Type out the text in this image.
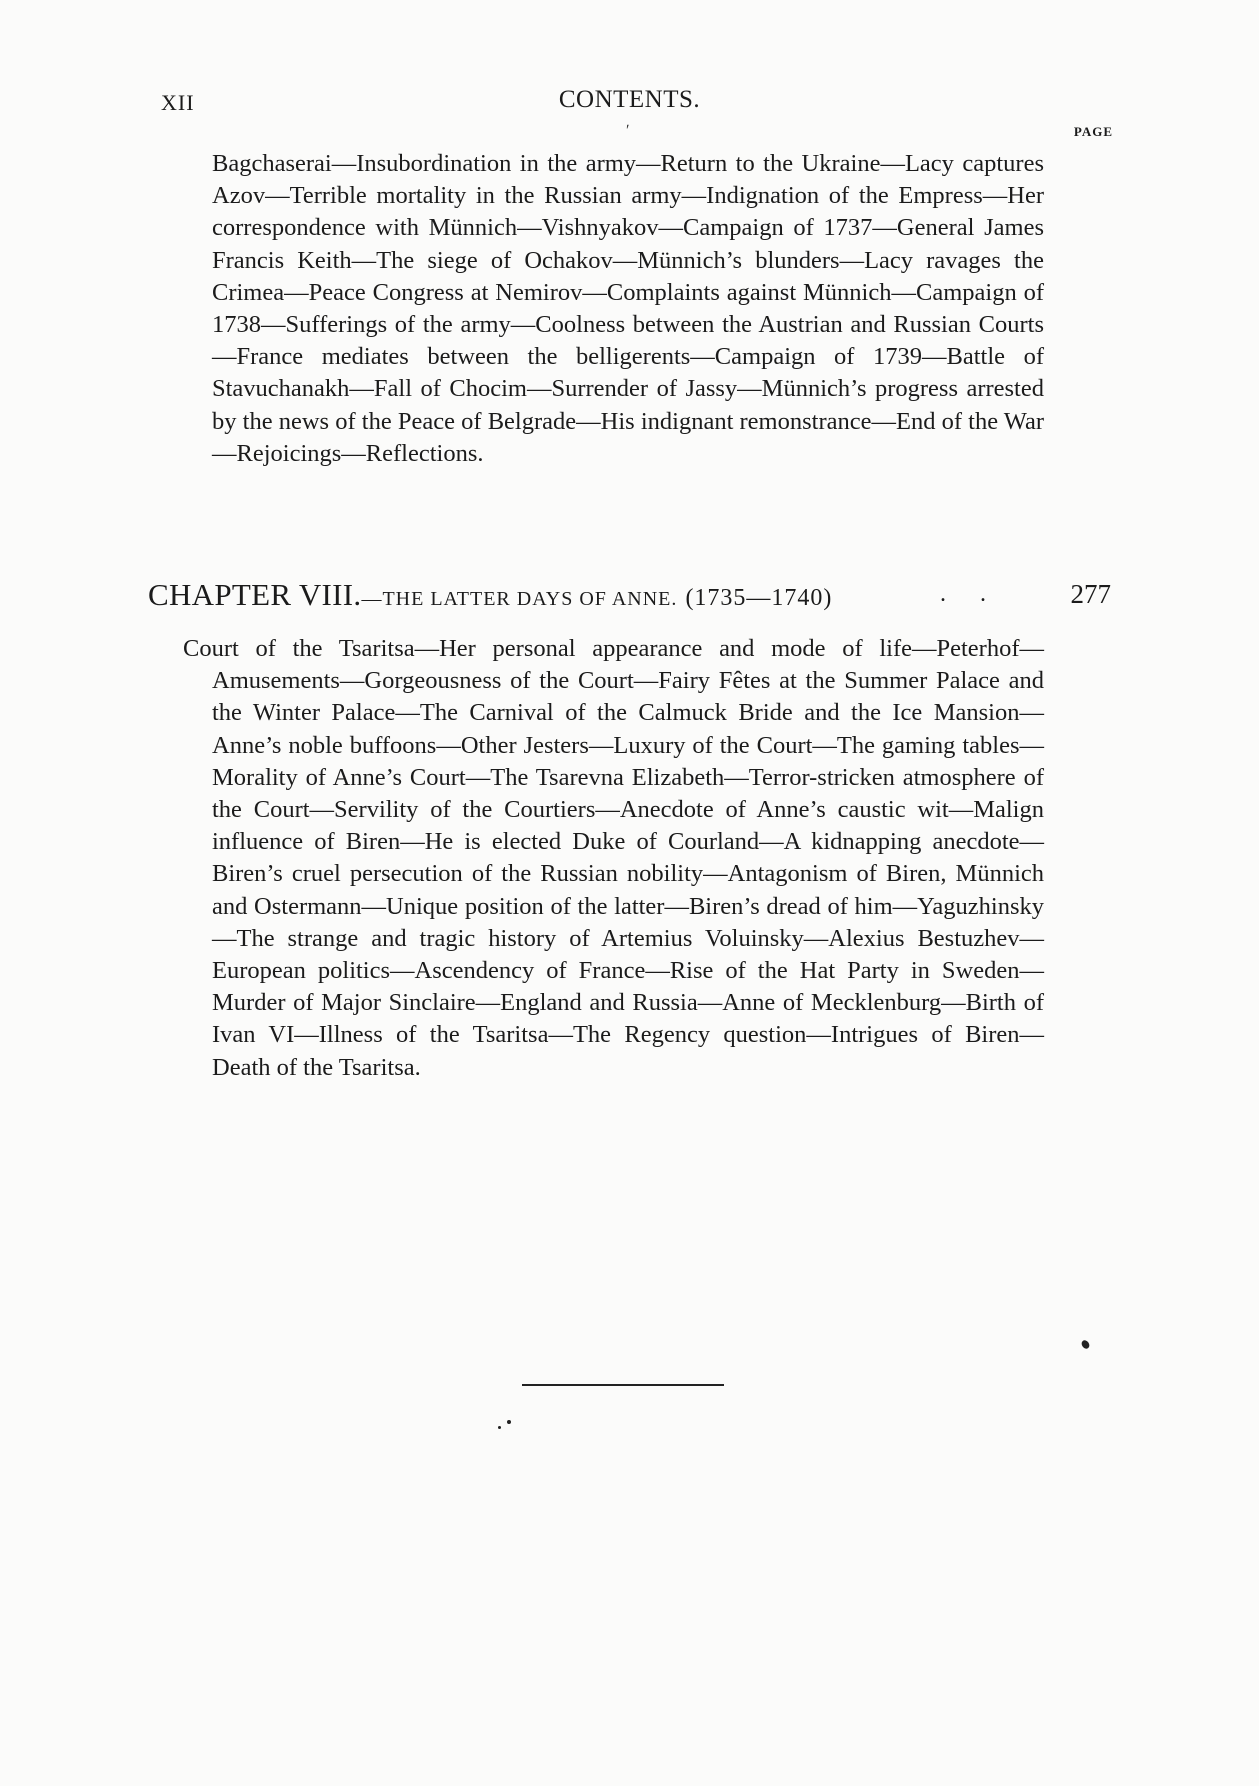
XII	CONTENTS.
ʹ	PAGE

Bagchaserai—Insubordination in the army—Return to the Ukraine—Lacy captures Azov—Terrible mortality in the Russian army—Indignation of the Empress—Her correspondence with Münnich—Vishnyakov—Campaign of 1737—General James Francis Keith—The siege of Ochakov—Münnich’s blunders—Lacy ravages the Crimea—Peace Congress at Nemirov—Complaints against Münnich—Campaign of 1738—Sufferings of the army—Coolness between the Austrian and Russian Courts—France mediates between the belligerents—Campaign of 1739—Battle of Stavuchanakh—Fall of Chocim—Surrender of Jassy—Münnich’s progress arrested by the news of the Peace of Belgrade—His indignant remonstrance—End of the War—Rejoicings—Reflections.

CHAPTER VIII.—THE LATTER DAYS OF ANNE. (1735—1740)	. .	277

Court of the Tsaritsa—Her personal appearance and mode of life—Peterhof—Amusements—Gorgeousness of the Court—Fairy Fêtes at the Summer Palace and the Winter Palace—The Carnival of the Calmuck Bride and the Ice Mansion—Anne’s noble buffoons—Other Jesters—Luxury of the Court—The gaming tables—Morality of Anne’s Court—The Tsarevna Elizabeth—Terror-stricken atmosphere of the Court—Servility of the Courtiers—Anecdote of Anne’s caustic wit—Malign influence of Biren—He is elected Duke of Courland—A kidnapping anecdote—Biren’s cruel persecution of the Russian nobility—Antagonism of Biren, Münnich and Ostermann—Unique position of the latter—Biren’s dread of him—Yaguzhinsky—The strange and tragic history of Artemius Voluinsky—Alexius Bestuzhev—European politics—Ascendency of France—Rise of the Hat Party in Sweden—Murder of Major Sinclaire—England and Russia—Anne of Mecklenburg—Birth of Ivan VI—Illness of the Tsaritsa—The Regency question—Intrigues of Biren—Death of the Tsaritsa.
